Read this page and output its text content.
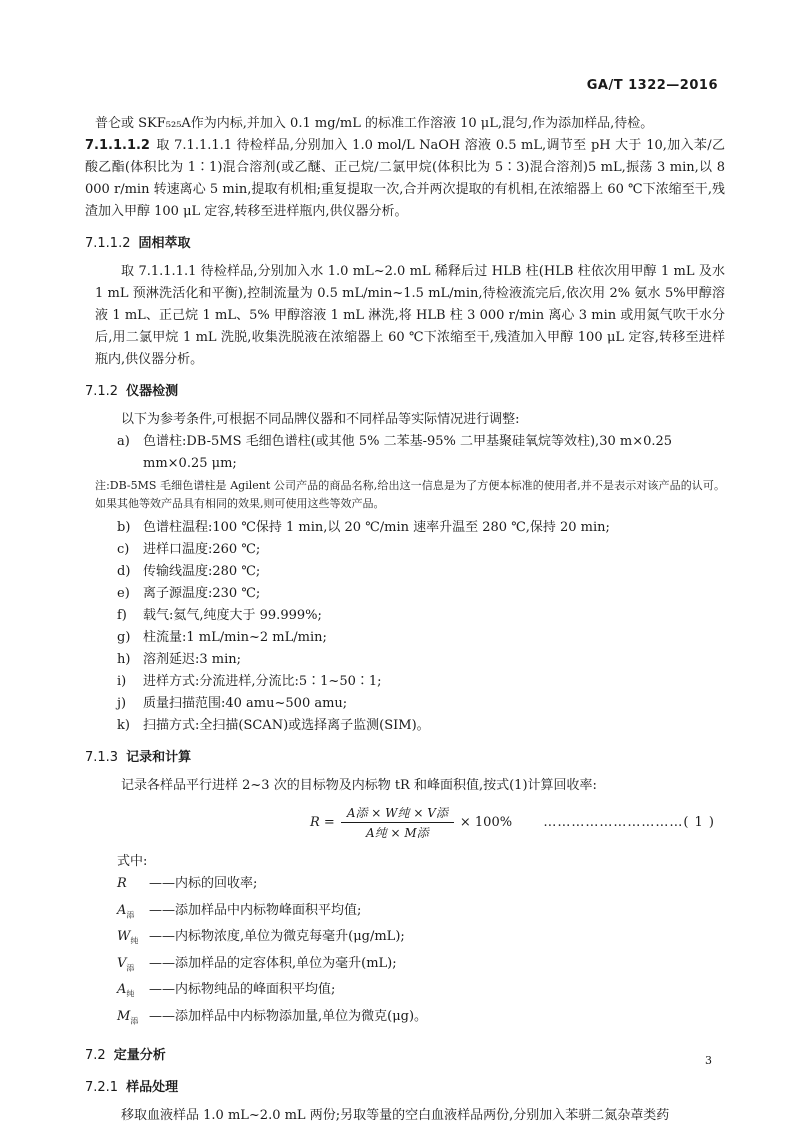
GA/T 1322—2016

普仑或 SKF₅₂₅A作为内标,并加入 0.1 mg/mL 的标准工作溶液 10 μL,混匀,作为添加样品,待检。

7.1.1.1.2 取 7.1.1.1.1 待检样品,分别加入 1.0 mol/L NaOH 溶液 0.5 mL,调节至 pH 大于 10,加入苯/乙酸乙酯(体积比为 1∶1)混合溶剂(或乙醚、正己烷/二氯甲烷(体积比为 5∶3)混合溶剂)5 mL,振荡 3 min,以 8 000 r/min 转速离心 5 min,提取有机相;重复提取一次,合并两次提取的有机相,在浓缩器上 60 ℃下浓缩至干,残渣加入甲醇 100 μL 定容,转移至进样瓶内,供仪器分析。

7.1.1.2 固相萃取

取 7.1.1.1.1 待检样品,分别加入水 1.0 mL~2.0 mL 稀释后过 HLB 柱(HLB 柱依次用甲醇 1 mL 及水 1 mL 预淋洗活化和平衡),控制流量为 0.5 mL/min~1.5 mL/min,待检液流完后,依次用 2% 氨水 5%甲醇溶液 1 mL、正己烷 1 mL、5% 甲醇溶液 1 mL 淋洗,将 HLB 柱 3 000 r/min 离心 3 min 或用氮气吹干水分后,用二氯甲烷 1 mL 洗脱,收集洗脱液在浓缩器上 60 ℃下浓缩至干,残渣加入甲醇 100 μL 定容,转移至进样瓶内,供仪器分析。

7.1.2 仪器检测

以下为参考条件,可根据不同品牌仪器和不同样品等实际情况进行调整:

a)	色谱柱:DB-5MS 毛细色谱柱(或其他 5% 二苯基-95% 二甲基聚硅氧烷等效柱),30 m×0.25 mm×0.25 μm;

注:DB-5MS 毛细色谱柱是 Agilent 公司产品的商品名称,给出这一信息是为了方便本标准的使用者,并不是表示对该产品的认可。如果其他等效产品具有相同的效果,则可使用这些等效产品。

b) 色谱柱温程:100 ℃保持 1 min,以 20 ℃/min 速率升温至 280 ℃,保持 20 min;
c)	进样口温度:260 ℃;
d) 传输线温度:280 ℃;
e)	离子源温度:230 ℃;
f)	载气:氦气,纯度大于 99.999%;
g) 柱流量:1 mL/min~2 mL/min;
h) 溶剂延迟:3 min;
i)	进样方式:分流进样,分流比:5∶1~50∶1;
j)	质量扫描范围:40 amu~500 amu;
k)	扫描方式:全扫描(SCAN)或选择离子监测(SIM)。
7.1.3 记录和计算

记录各样品平行进样 2~3 次的目标物及内标物 tR 和峰面积值,按式(1)计算回收率:

$R = \frac{\text{A添 × W纯 × V添}}{\text{A纯 × M添}} \times 100\%$ …………………………( 1 )
式中:
R	——内标的回收率;
$A_添$	——添加样品中内标物峰面积平均值;
$W_纯$ ——内标物浓度,单位为微克每毫升(μg/mL);
$V_添$	——添加样品的定容体积,单位为毫升(mL);
$A_纯$	——内标物纯品的峰面积平均值;
$M_添$ ——添加样品中内标物添加量,单位为微克(μg)。
7.2 定量分析
7.2.1 样品处理

移取血液样品 1.0 mL~2.0 mL 两份;另取等量的空白血液样品两份,分别加入苯骈二氮杂䓬类药

3
